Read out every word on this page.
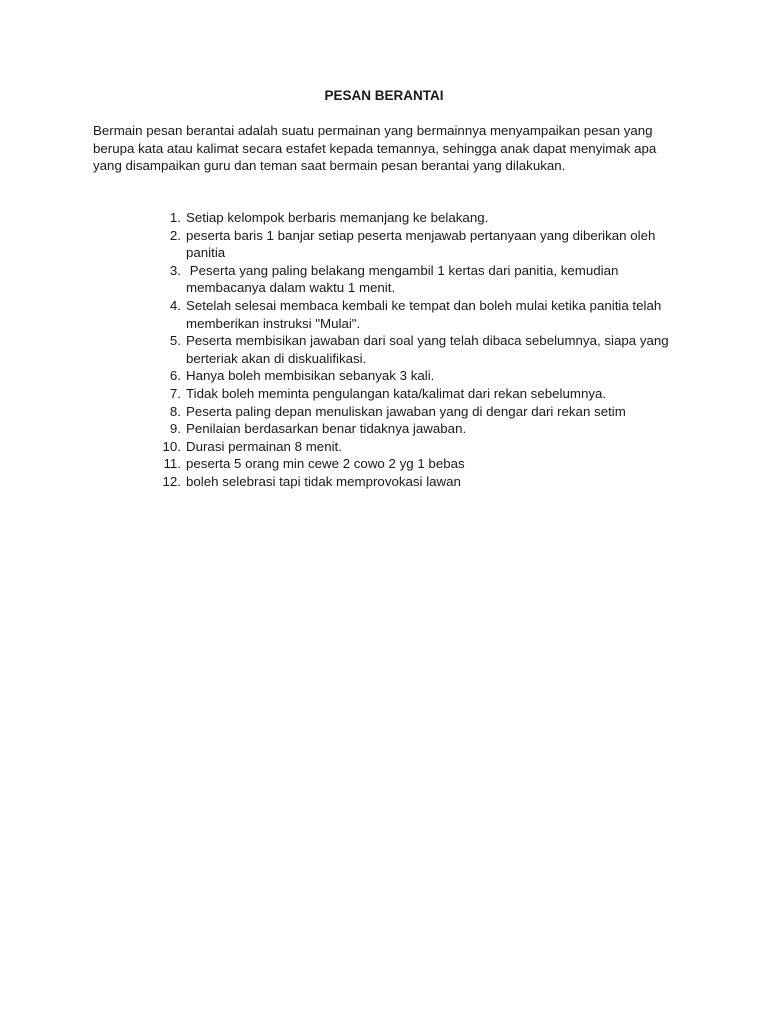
PESAN BERANTAI

Bermain pesan berantai adalah suatu permainan yang bermainnya menyampaikan pesan yang berupa kata atau kalimat secara estafet kepada temannya, sehingga anak dapat menyimak apa yang disampaikan guru dan teman saat bermain pesan berantai yang dilakukan.

1. Setiap kelompok berbaris memanjang ke belakang.
2. peserta baris 1 banjar setiap peserta menjawab pertanyaan yang diberikan oleh panitia
3. Peserta yang paling belakang mengambil 1 kertas dari panitia, kemudian membacanya dalam waktu 1 menit.
4. Setelah selesai membaca kembali ke tempat dan boleh mulai ketika panitia telah memberikan instruksi "Mulai".
5. Peserta membisikan jawaban dari soal yang telah dibaca sebelumnya, siapa yang berteriak akan di diskualifikasi.
6. Hanya boleh membisikan sebanyak 3 kali.
7. Tidak boleh meminta pengulangan kata/kalimat dari rekan sebelumnya.
8. Peserta paling depan menuliskan jawaban yang di dengar dari rekan setim
9. Penilaian berdasarkan benar tidaknya jawaban.
10. Durasi permainan 8 menit.
11. peserta 5 orang min cewe 2 cowo 2 yg 1 bebas
12. boleh selebrasi tapi tidak memprovokasi lawan
